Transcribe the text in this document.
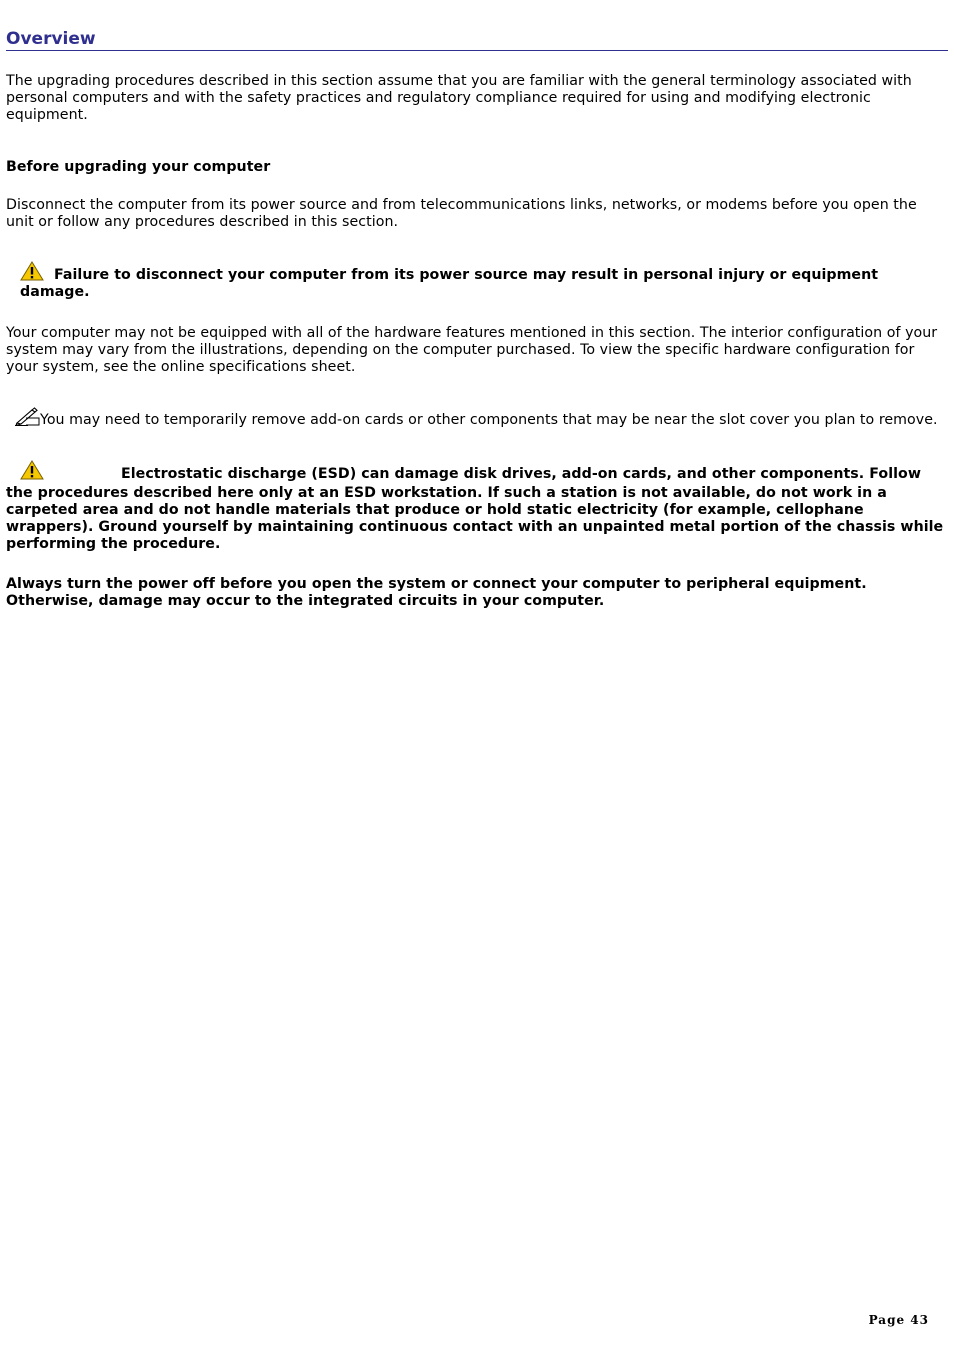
Overview

The upgrading procedures described in this section assume that you are familiar with the general terminology associated with personal computers and with the safety practices and regulatory compliance required for using and modifying electronic equipment.

Before upgrading your computer

Disconnect the computer from its power source and from telecommunications links, networks, or modems before you open the unit or follow any procedures described in this section.

Failure to disconnect your computer from its power source may result in personal injury or equipment damage.

Your computer may not be equipped with all of the hardware features mentioned in this section. The interior configuration of your system may vary from the illustrations, depending on the computer purchased. To view the specific hardware configuration for your system, see the online specifications sheet.

You may need to temporarily remove add-on cards or other components that may be near the slot cover you plan to remove.

Electrostatic discharge (ESD) can damage disk drives, add-on cards, and other components. Follow the procedures described here only at an ESD workstation. If such a station is not available, do not work in a carpeted area and do not handle materials that produce or hold static electricity (for example, cellophane wrappers). Ground yourself by maintaining continuous contact with an unpainted metal portion of the chassis while performing the procedure.

Always turn the power off before you open the system or connect your computer to peripheral equipment. Otherwise, damage may occur to the integrated circuits in your computer.

Page 43
